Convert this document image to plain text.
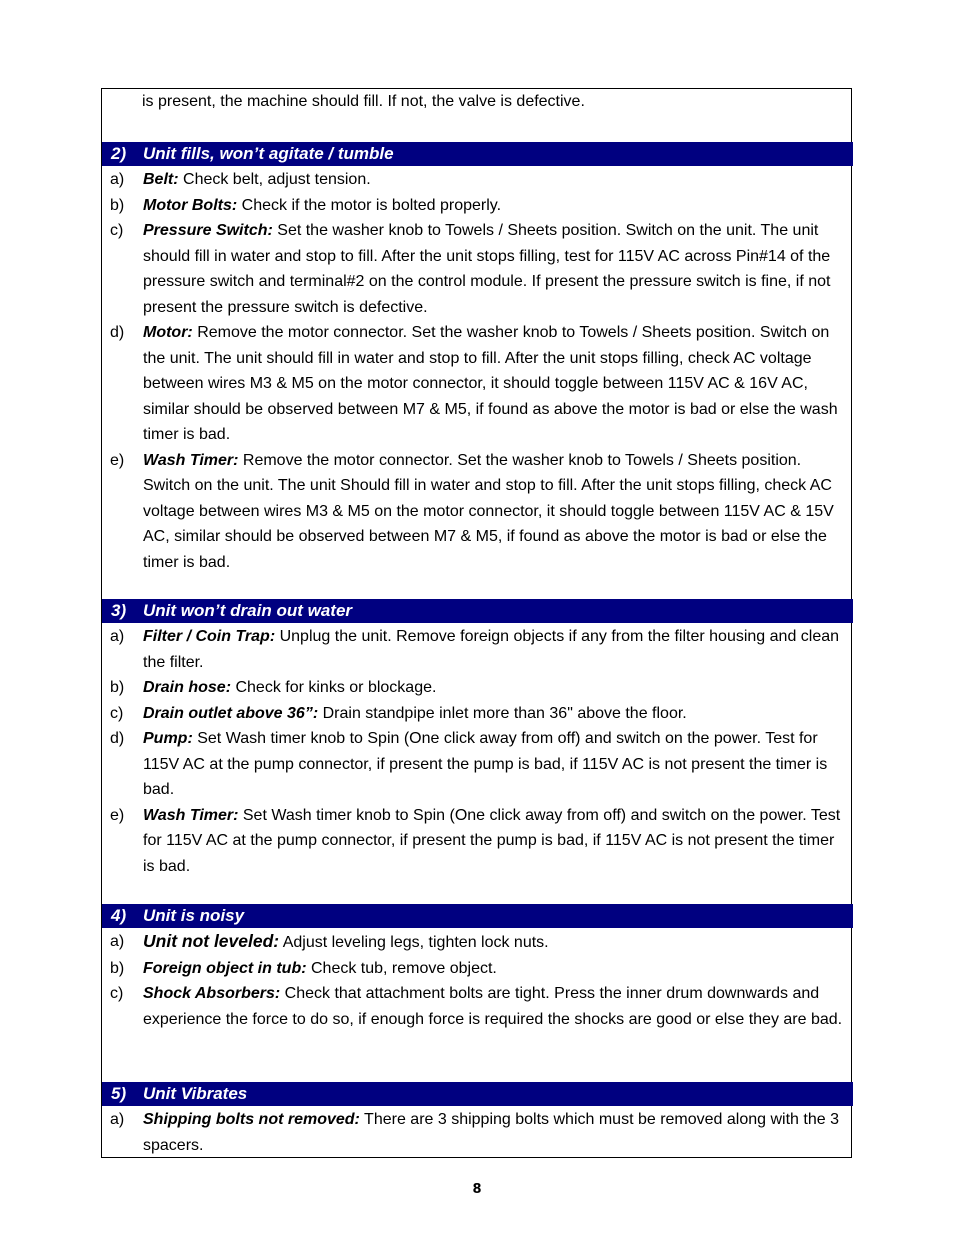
is present, the machine should fill. If not, the valve is defective.
2) Unit fills, won’t agitate / tumble
a) Belt: Check belt, adjust tension.
b) Motor Bolts: Check if the motor is bolted properly.
c) Pressure Switch: Set the washer knob to Towels / Sheets position. Switch on the unit. The unit should fill in water and stop to fill. After the unit stops filling, test for 115V AC across Pin#14 of the pressure switch and terminal#2 on the control module. If present the pressure switch is fine, if not present the pressure switch is defective.
d) Motor: Remove the motor connector. Set the washer knob to Towels / Sheets position. Switch on the unit. The unit should fill in water and stop to fill. After the unit stops filling, check AC voltage between wires M3 & M5 on the motor connector, it should toggle between 115V AC & 16V AC, similar should be observed between M7 & M5, if found as above the motor is bad or else the wash timer is bad.
e) Wash Timer: Remove the motor connector. Set the washer knob to Towels / Sheets position. Switch on the unit. The unit Should fill in water and stop to fill. After the unit stops filling, check AC voltage between wires M3 & M5 on the motor connector, it should toggle between 115V AC & 15V AC, similar should be observed between M7 & M5, if found as above the motor is bad or else the timer is bad.
3) Unit won’t drain out water
a) Filter / Coin Trap: Unplug the unit. Remove foreign objects if any from the filter housing and clean the filter.
b) Drain hose: Check for kinks or blockage.
c) Drain outlet above 36”: Drain standpipe inlet more than 36" above the floor.
d) Pump: Set Wash timer knob to Spin (One click away from off) and switch on the power. Test for 115V AC at the pump connector, if present the pump is bad, if 115V AC is not present the timer is bad.
e) Wash Timer: Set Wash timer knob to Spin (One click away from off) and switch on the power. Test for 115V AC at the pump connector, if present the pump is bad, if 115V AC is not present the timer is bad.
4) Unit is noisy
a) Unit not leveled: Adjust leveling legs, tighten lock nuts.
b) Foreign object in tub: Check tub, remove object.
c) Shock Absorbers: Check that attachment bolts are tight. Press the inner drum downwards and experience the force to do so, if enough force is required the shocks are good or else they are bad.
5) Unit Vibrates
a) Shipping bolts not removed: There are 3 shipping bolts which must be removed along with the 3 spacers.
8
